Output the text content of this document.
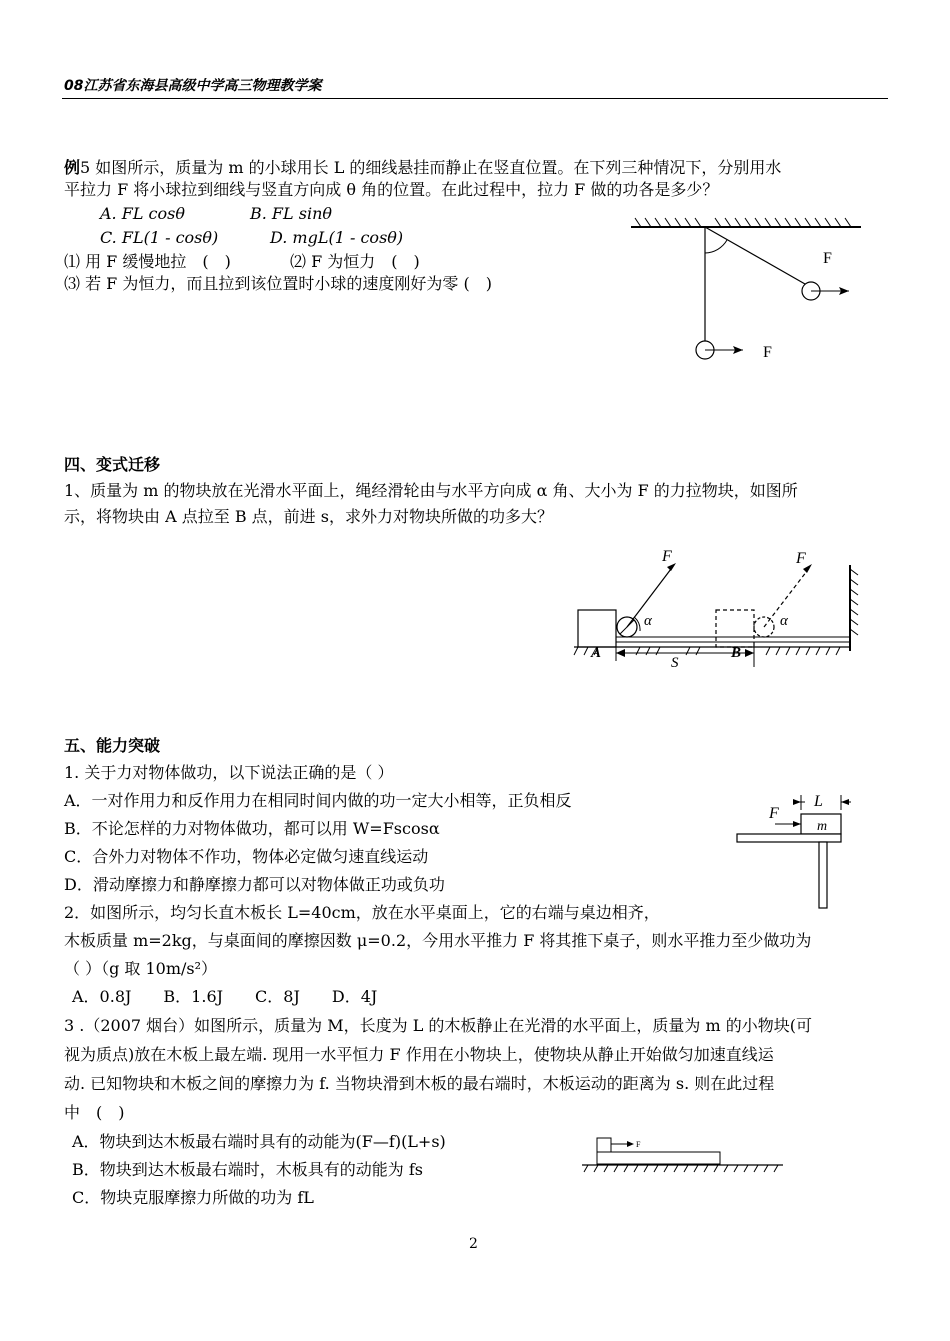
08江苏省东海县高级中学高三物理教学案
例5 如图所示，质量为 m 的小球用长 L 的细线悬挂而静止在竖直位置。在下列三种情况下，分别用水
平拉力 F 将小球拉到细线与竖直方向成 θ 角的位置。在此过程中，拉力 F 做的功各是多少？
A. FL cosθ	B. FL sinθ
C. FL(1 - cosθ)	D. mgL(1 - cosθ)
⑴ 用 F 缓慢地拉　(　)	⑵ F 为恒力　(　)
⑶ 若 F 为恒力，而且拉到该位置时小球的速度刚好为零 (　)
F
F
四、变式迁移
1、质量为 m 的物块放在光滑水平面上，绳经滑轮由与水平方向成 α 角、大小为 F 的力拉物块，如图所
示，将物块由 A 点拉至 B 点，前进 s，求外力对物块所做的功多大？
F	F
α	α
A	B
S
五、能力突破
1. 关于力对物体做功，以下说法正确的是（ ）
A．一对作用力和反作用力在相同时间内做的功一定大小相等，正负相反
B．不论怎样的力对物体做功，都可以用 W=Fscosα
C．合外力对物体不作功，物体必定做匀速直线运动
D．滑动摩擦力和静摩擦力都可以对物体做正功或负功
2．如图所示，均匀长直木板长 L=40cm，放在水平桌面上，它的右端与桌边相齐，
木板质量 m=2kg，与桌面间的摩擦因数 μ=0.2，今用水平推力 F 将其推下桌子，则水平推力至少做功为
（ ）（g 取 10m/s²）
A．0.8J　　B．1.6J　　C．8J　　D．4J
L
F
m
3 .（2007 烟台）如图所示，质量为 M，长度为 L 的木板静止在光滑的水平面上，质量为 m 的小物块(可
视为质点)放在木板上最左端. 现用一水平恒力 F 作用在小物块上，使物块从静止开始做匀加速直线运
动. 已知物块和木板之间的摩擦力为 f. 当物块滑到木板的最右端时，木板运动的距离为 s. 则在此过程
中　(　)
A．物块到达木板最右端时具有的动能为(F—f)(L+s)
B．物块到达木板最右端时，木板具有的动能为 fs
C．物块克服摩擦力所做的功为 fL
F
2
